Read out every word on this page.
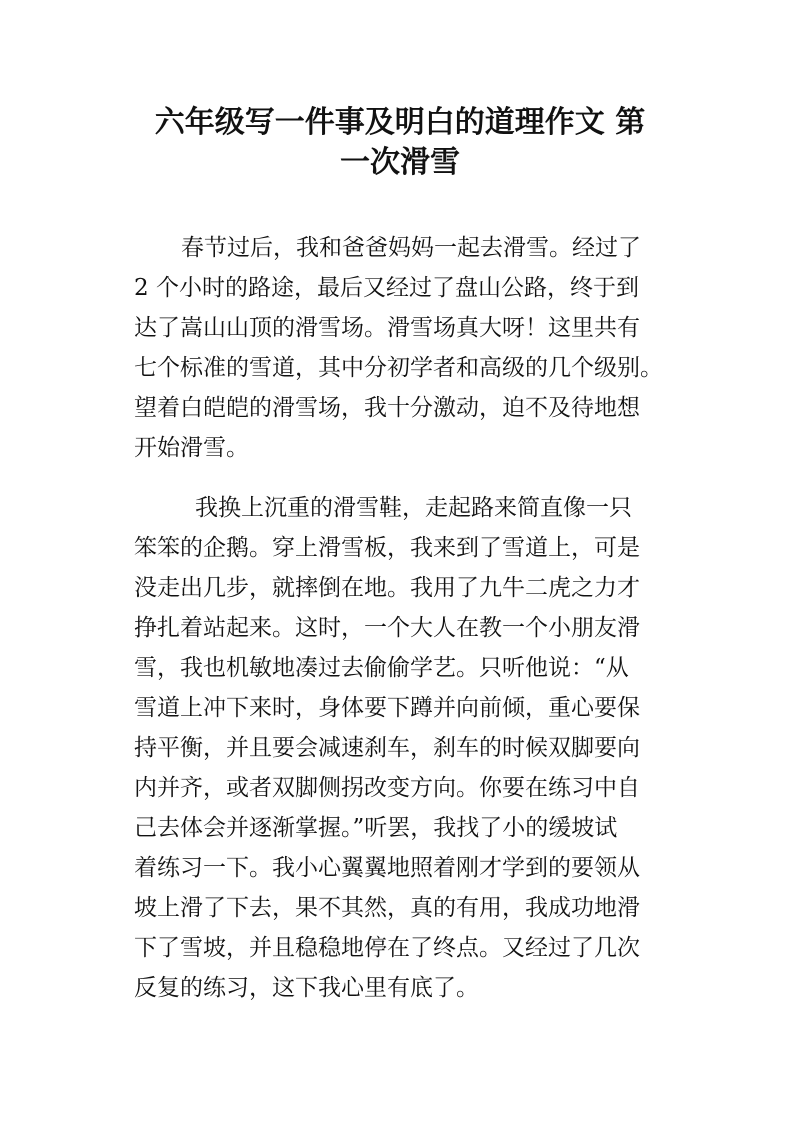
六年级写一件事及明白的道理作文 第
一次滑雪

春节过后，我和爸爸妈妈一起去滑雪。经过了

2 个小时的路途，最后又经过了盘山公路，终于到

达了嵩山山顶的滑雪场。滑雪场真大呀！这里共有

七个标准的雪道，其中分初学者和高级的几个级别。

望着白皑皑的滑雪场，我十分激动，迫不及待地想

开始滑雪。

我换上沉重的滑雪鞋，走起路来简直像一只

笨笨的企鹅。穿上滑雪板，我来到了雪道上，可是

没走出几步，就摔倒在地。我用了九牛二虎之力才

挣扎着站起来。这时，一个大人在教一个小朋友滑

雪，我也机敏地凑过去偷偷学艺。只听他说：“从

雪道上冲下来时，身体要下蹲并向前倾，重心要保

持平衡，并且要会减速刹车，刹车的时候双脚要向

内并齐，或者双脚侧拐改变方向。你要在练习中自

己去体会并逐渐掌握。”听罢，我找了小的缓坡试

着练习一下。我小心翼翼地照着刚才学到的要领从

坡上滑了下去，果不其然，真的有用，我成功地滑

下了雪坡，并且稳稳地停在了终点。又经过了几次

反复的练习，这下我心里有底了。
